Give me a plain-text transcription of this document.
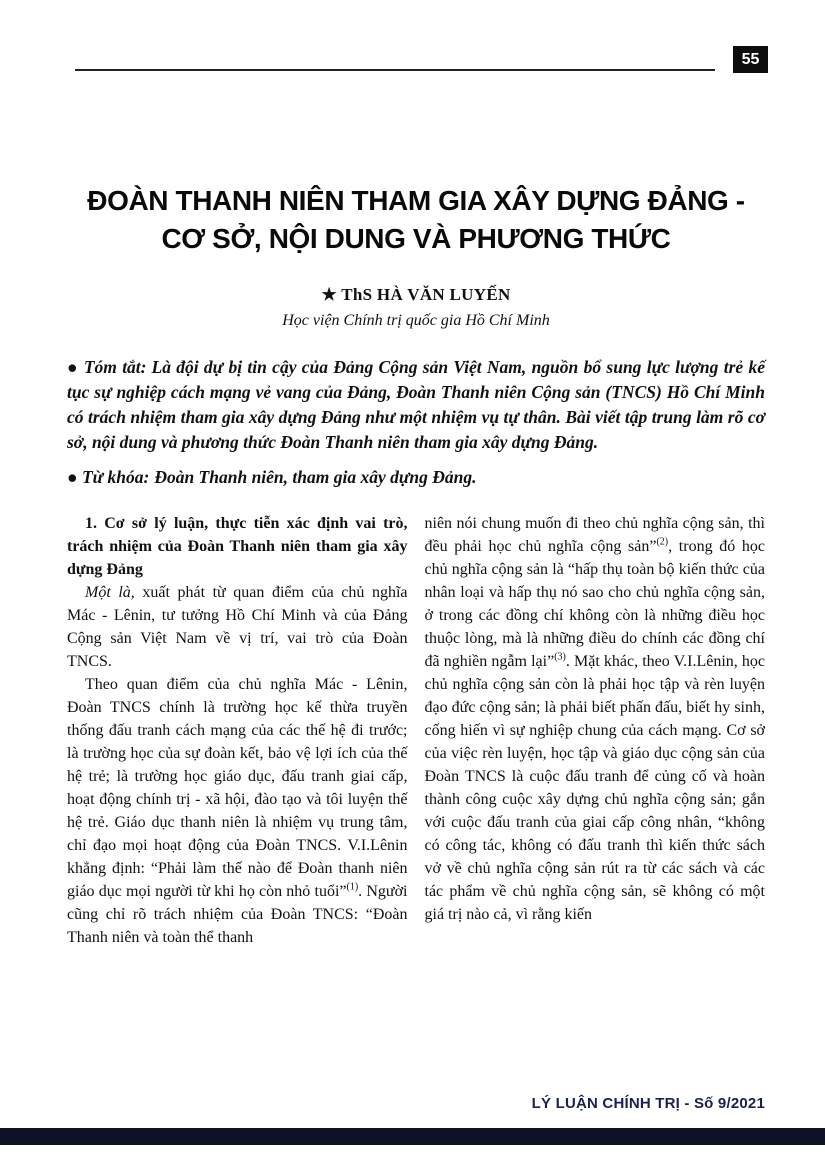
55
ĐOÀN THANH NIÊN THAM GIA XÂY DỰNG ĐẢNG -
CƠ SỞ, NỘI DUNG VÀ PHƯƠNG THỨC
★ ThS HÀ VĂN LUYẾN
Học viện Chính trị quốc gia Hồ Chí Minh

● Tóm tắt: Là đội dự bị tin cậy của Đảng Cộng sản Việt Nam, nguồn bổ sung lực lượng trẻ kế tục sự nghiệp cách mạng vẻ vang của Đảng, Đoàn Thanh niên Cộng sản (TNCS) Hồ Chí Minh có trách nhiệm tham gia xây dựng Đảng như một nhiệm vụ tự thân. Bài viết tập trung làm rõ cơ sở, nội dung và phương thức Đoàn Thanh niên tham gia xây dựng Đảng.

● Từ khóa: Đoàn Thanh niên, tham gia xây dựng Đảng.

1. Cơ sở lý luận, thực tiễn xác định vai trò, trách nhiệm của Đoàn Thanh niên tham gia xây dựng Đảng

Một là, xuất phát từ quan điểm của chủ nghĩa Mác - Lênin, tư tưởng Hồ Chí Minh và của Đảng Cộng sản Việt Nam về vị trí, vai trò của Đoàn TNCS.

Theo quan điểm của chủ nghĩa Mác - Lênin, Đoàn TNCS chính là trường học kế thừa truyền thống đấu tranh cách mạng của các thế hệ đi trước; là trường học của sự đoàn kết, bảo vệ lợi ích của thế hệ trẻ; là trường học giáo dục, đấu tranh giai cấp, hoạt động chính trị - xã hội, đào tạo và tôi luyện thế hệ trẻ. Giáo dục thanh niên là nhiệm vụ trung tâm, chỉ đạo mọi hoạt động của Đoàn TNCS. V.I.Lênin khẳng định: “Phải làm thế nào để Đoàn thanh niên giáo dục mọi người từ khi họ còn nhỏ tuổi”$^{(1)}$. Người cũng chỉ rõ trách nhiệm của Đoàn TNCS: “Đoàn Thanh niên và toàn thể thanh

niên nói chung muốn đi theo chủ nghĩa cộng sản, thì đều phải học chủ nghĩa cộng sản”$^{(2)}$, trong đó học chủ nghĩa cộng sản là “hấp thụ toàn bộ kiến thức của nhân loại và hấp thụ nó sao cho chủ nghĩa cộng sản, ở trong các đồng chí không còn là những điều học thuộc lòng, mà là những điều do chính các đồng chí đã nghiền ngẫm lại”$^{(3)}$. Mặt khác, theo V.I.Lênin, học chủ nghĩa cộng sản còn là phải học tập và rèn luyện đạo đức cộng sản; là phải biết phấn đấu, biết hy sinh, cống hiến vì sự nghiệp chung của cách mạng. Cơ sở của việc rèn luyện, học tập và giáo dục cộng sản của Đoàn TNCS là cuộc đấu tranh để củng cố và hoàn thành công cuộc xây dựng chủ nghĩa cộng sản; gắn với cuộc đấu tranh của giai cấp công nhân, “không có công tác, không có đấu tranh thì kiến thức sách vở về chủ nghĩa cộng sản rút ra từ các sách và các tác phẩm về chủ nghĩa cộng sản, sẽ không có một giá trị nào cả, vì rằng kiến

LÝ LUẬN CHÍNH TRỊ - Số 9/2021
